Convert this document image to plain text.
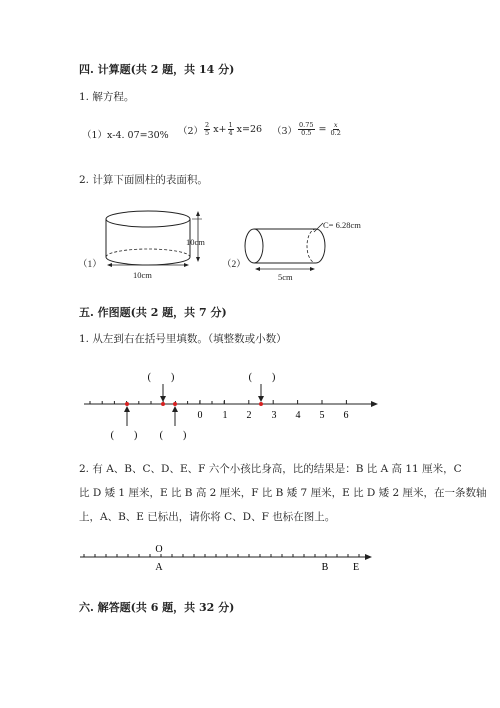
四. 计算题(共 2 题，共 14 分)
1. 解方程。
（1）x-4. 07=30% $(2) \frac{2}{5} x+ \frac{1}{4} x=26$ $(3) \frac{0.75}{0.5} = \frac{x}{0.2}$
2. 计算下面圆柱的表面积。
（1）
10cm
10cm
（2）
C= 6.28cm
5cm
五. 作图题(共 2 题，共 7 分)
1. 从左到右在括号里填数。（填整数或小数）
0 1 2 3 4 5 6
(　　)	(　　)
(　　) (　　)
2. 有 A、B、C、D、E、F 六个小孩比身高，比的结果是：B 比 A 高 11 厘米，C
比 D 矮 1 厘米，E 比 B 高 2 厘米，F 比 B 矮 7 厘米，E 比 D 矮 2 厘米，在一条数轴
上，A、B、E 已标出，请你将 C、D、F 也标在图上。
O
A	B E
六. 解答题(共 6 题，共 32 分)
